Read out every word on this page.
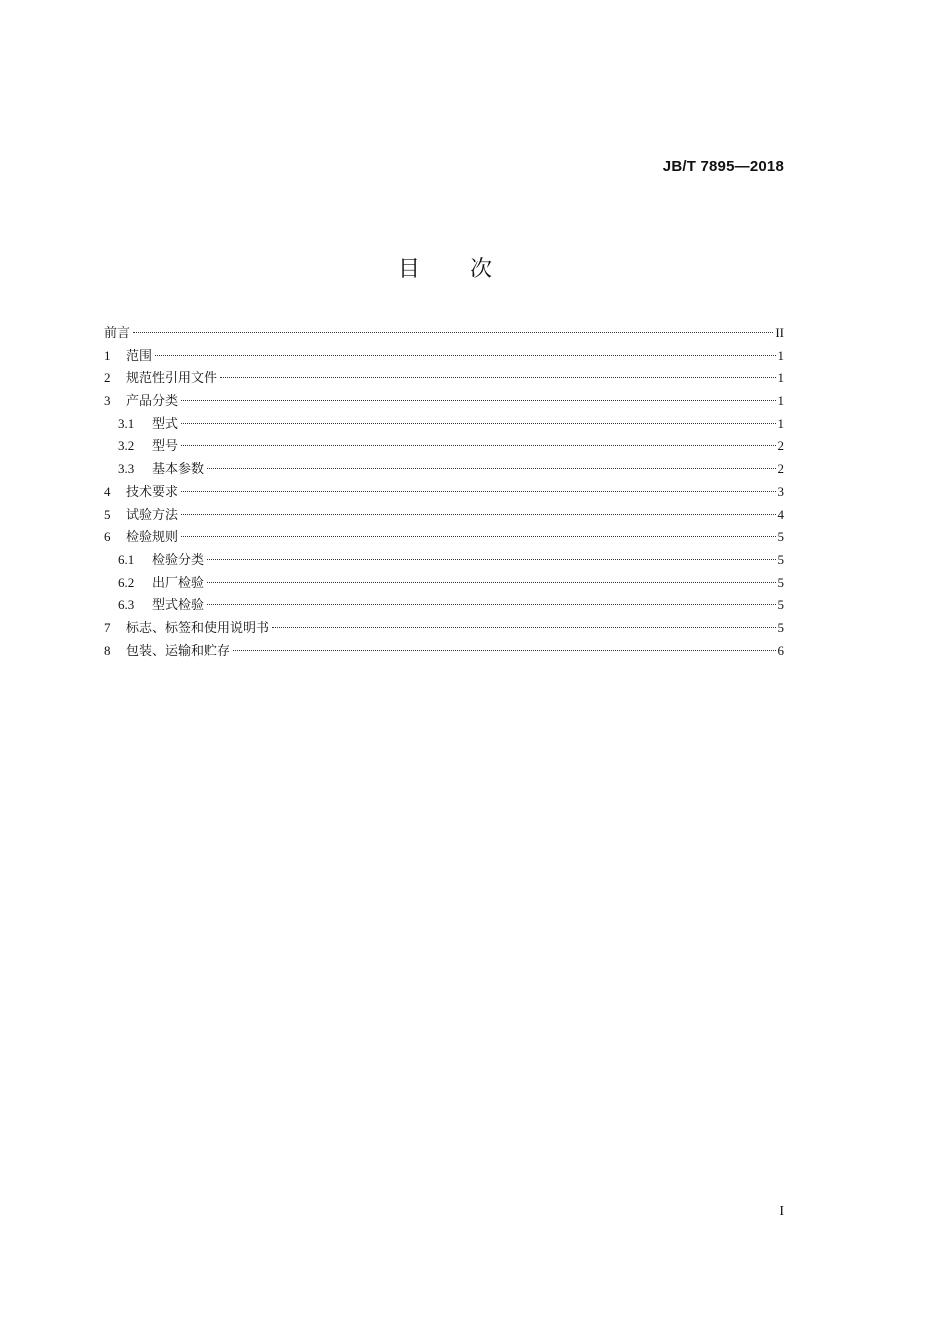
JB/T 7895—2018
目 次
前言	II
1	范围	1
2	规范性引用文件	1
3	产品分类	1
3.1	型式	1
3.2	型号	2
3.3	基本参数	2
4	技术要求	3
5	试验方法	4
6	检验规则	5
6.1	检验分类	5
6.2	出厂检验	5
6.3	型式检验	5
7	标志、标签和使用说明书	5
8	包装、运输和贮存	6
I
